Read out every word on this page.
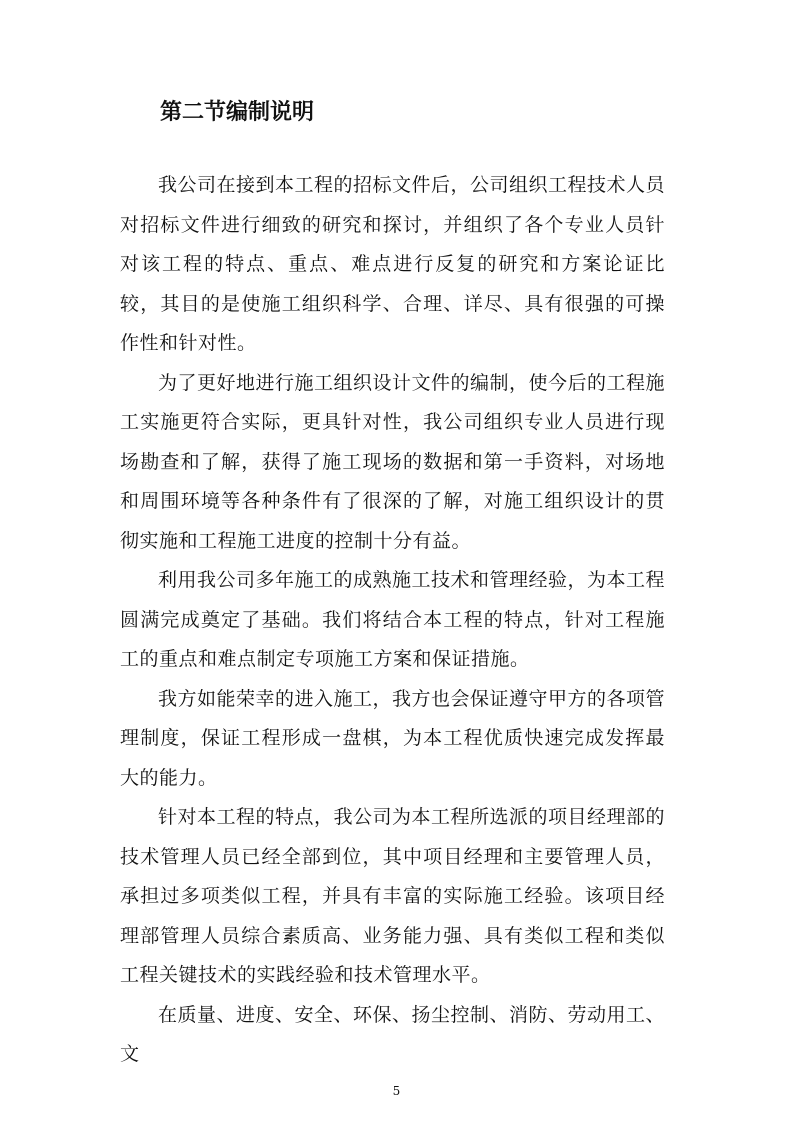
第二节编制说明

我公司在接到本工程的招标文件后，公司组织工程技术人员对招标文件进行细致的研究和探讨，并组织了各个专业人员针对该工程的特点、重点、难点进行反复的研究和方案论证比较，其目的是使施工组织科学、合理、详尽、具有很强的可操作性和针对性。

为了更好地进行施工组织设计文件的编制，使今后的工程施工实施更符合实际，更具针对性，我公司组织专业人员进行现场勘查和了解，获得了施工现场的数据和第一手资料，对场地和周围环境等各种条件有了很深的了解，对施工组织设计的贯彻实施和工程施工进度的控制十分有益。

利用我公司多年施工的成熟施工技术和管理经验，为本工程圆满完成奠定了基础。我们将结合本工程的特点，针对工程施工的重点和难点制定专项施工方案和保证措施。

我方如能荣幸的进入施工，我方也会保证遵守甲方的各项管理制度，保证工程形成一盘棋，为本工程优质快速完成发挥最大的能力。

针对本工程的特点，我公司为本工程所选派的项目经理部的技术管理人员已经全部到位，其中项目经理和主要管理人员，承担过多项类似工程，并具有丰富的实际施工经验。该项目经理部管理人员综合素质高、业务能力强、具有类似工程和类似工程关键技术的实践经验和技术管理水平。

在质量、进度、安全、环保、扬尘控制、消防、劳动用工、文

5
